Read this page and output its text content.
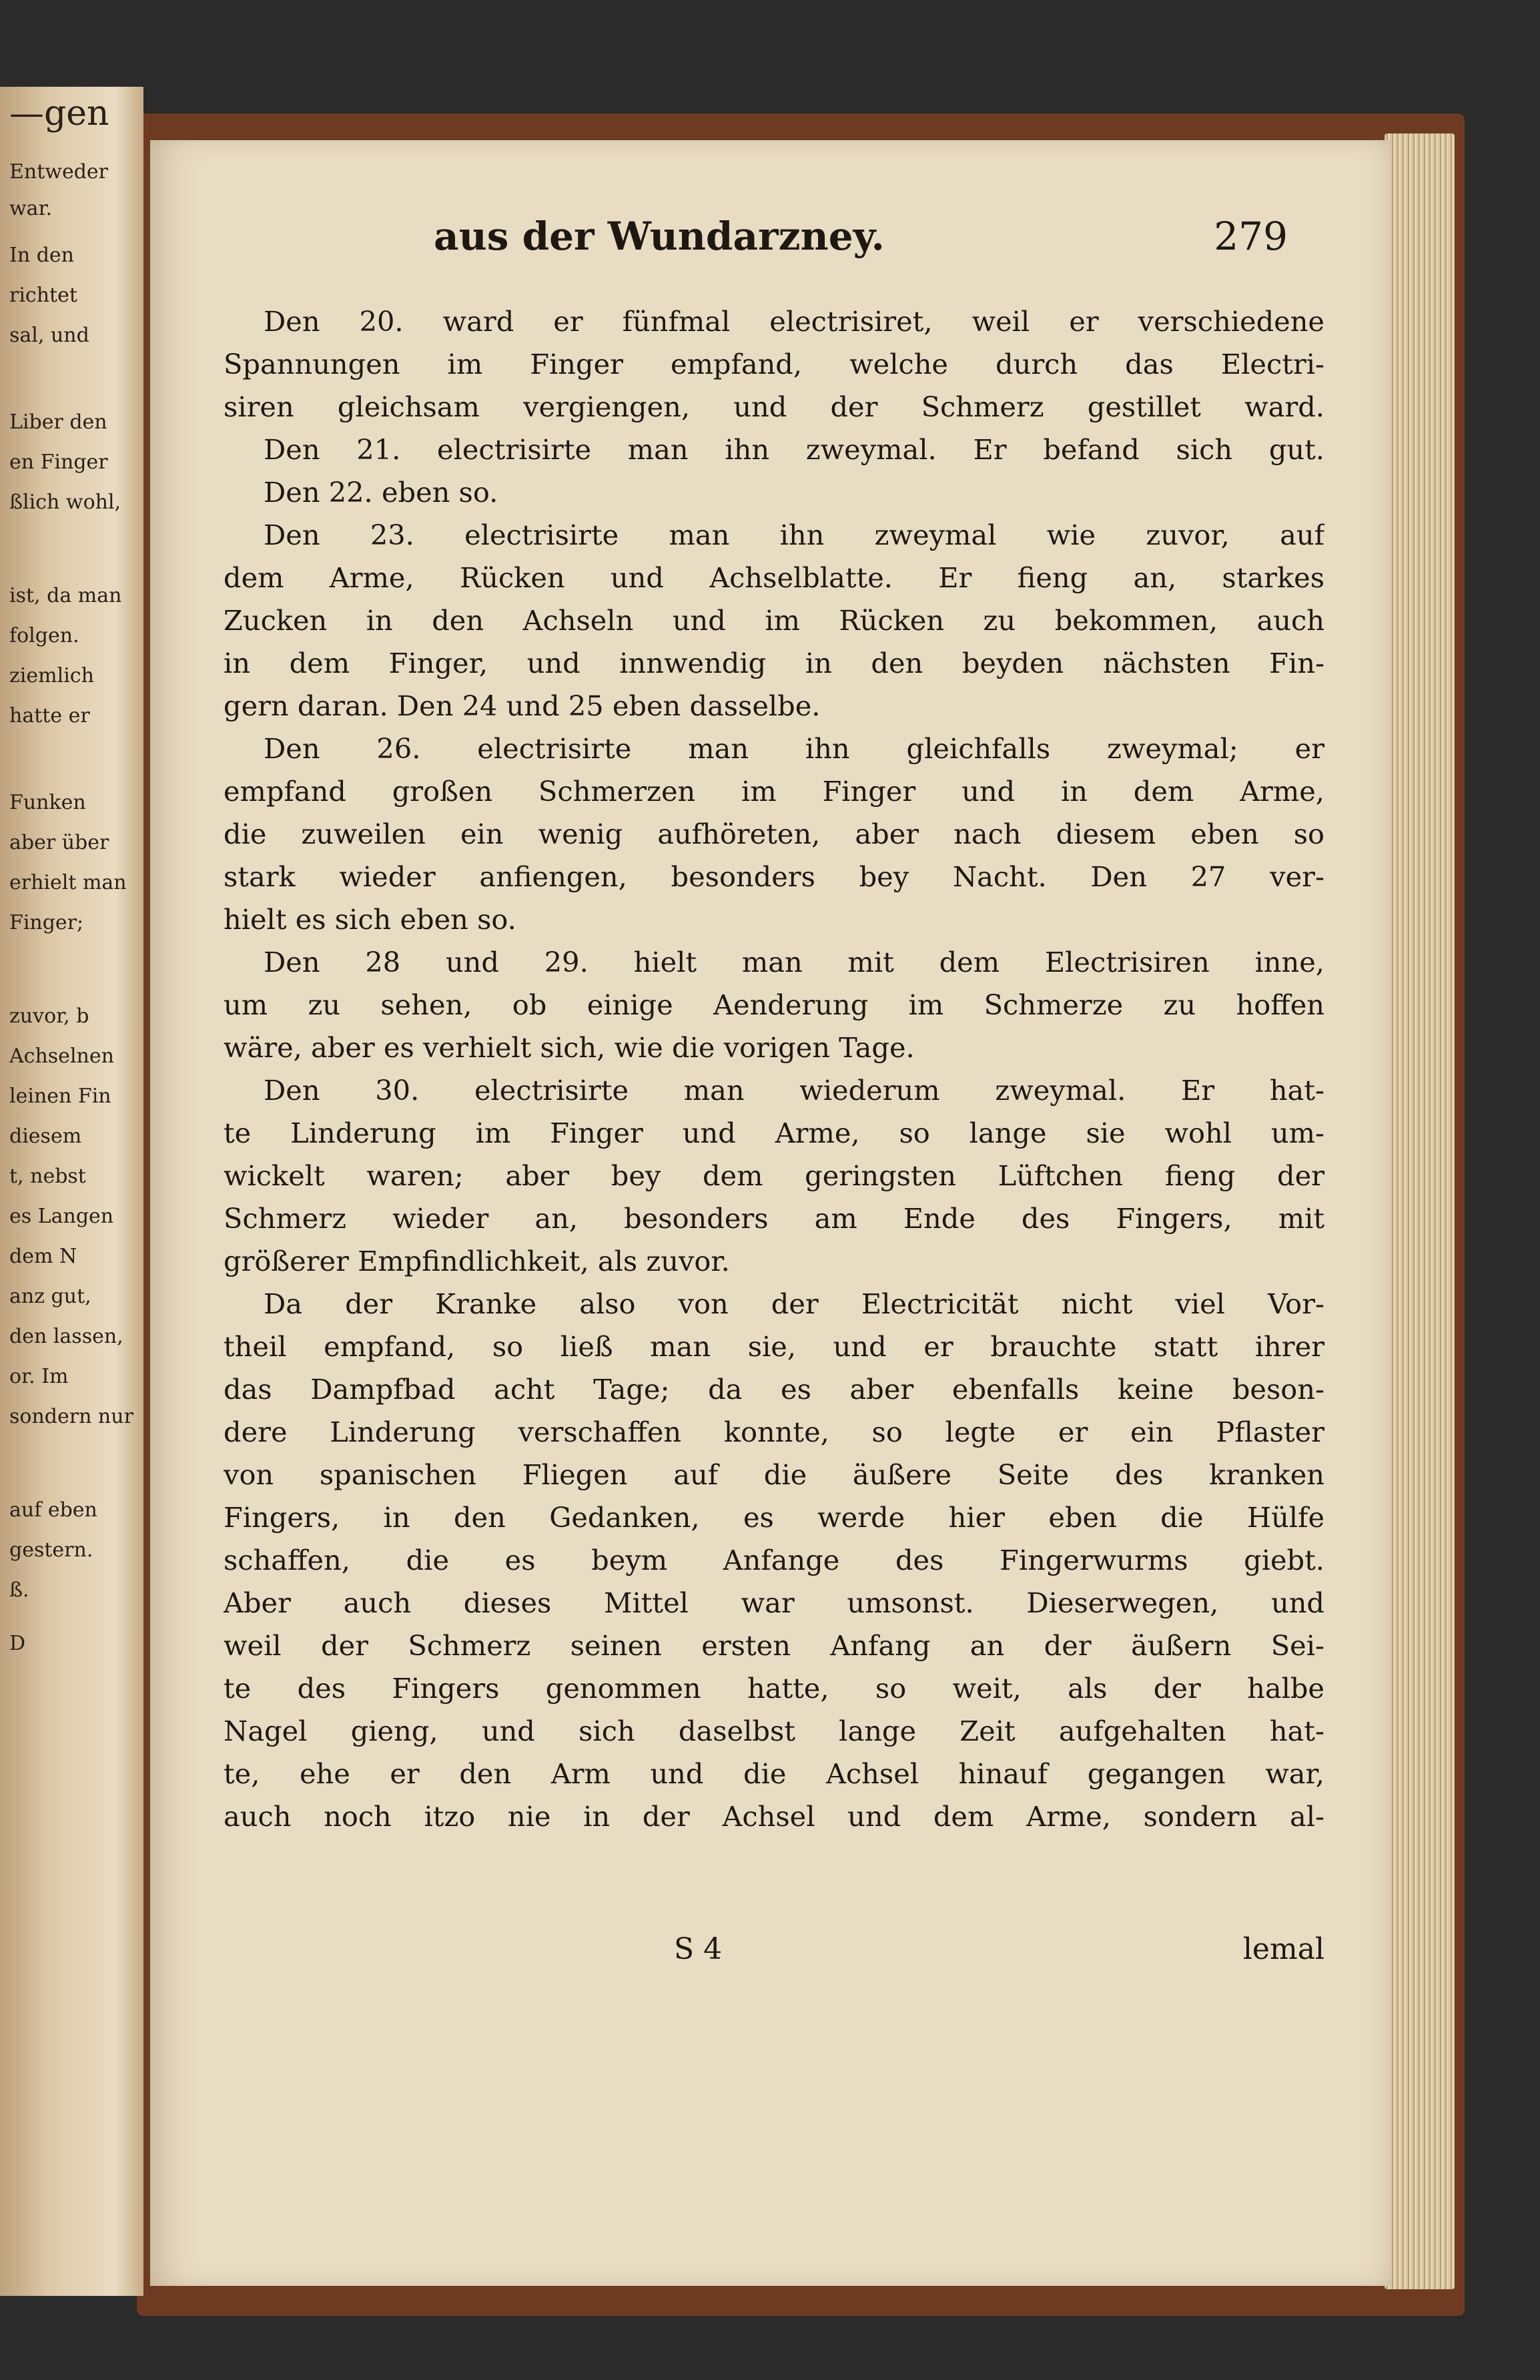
—gen
Entweder
war.
In den
richtet
sal, und
Liber den
en Finger
ßlich wohl,
ist, da man
folgen.
ziemlich
hatte er
Funken
aber über
erhielt man
Finger;
zuvor, b
Achselnen
leinen Fin
diesem
t, nebst
es Langen
dem N
anz gut,
den lassen,
or. Im
sondern nur
auf eben
gestern.
ß.
D
aus der Wundarzney.	279
Den 20. ward er fünfmal electrisiret, weil er verschiedene
Spannungen im Finger empfand, welche durch das Electri-
siren gleichsam vergiengen, und der Schmerz gestillet ward.
Den 21. electrisirte man ihn zweymal. Er befand sich gut.
Den 22. eben so.
Den 23. electrisirte man ihn zweymal wie zuvor, auf
dem Arme, Rücken und Achselblatte. Er fieng an, starkes
Zucken in den Achseln und im Rücken zu bekommen, auch
in dem Finger, und innwendig in den beyden nächsten Fin-
gern daran. Den 24 und 25 eben dasselbe.
Den 26. electrisirte man ihn gleichfalls zweymal; er
empfand großen Schmerzen im Finger und in dem Arme,
die zuweilen ein wenig aufhöreten, aber nach diesem eben so
stark wieder anfiengen, besonders bey Nacht. Den 27 ver-
hielt es sich eben so.
Den 28 und 29. hielt man mit dem Electrisiren inne,
um zu sehen, ob einige Aenderung im Schmerze zu hoffen
wäre, aber es verhielt sich, wie die vorigen Tage.
Den 30. electrisirte man wiederum zweymal. Er hat-
te Linderung im Finger und Arme, so lange sie wohl um-
wickelt waren; aber bey dem geringsten Lüftchen fieng der
Schmerz wieder an, besonders am Ende des Fingers, mit
größerer Empfindlichkeit, als zuvor.
Da der Kranke also von der Electricität nicht viel Vor-
theil empfand, so ließ man sie, und er brauchte statt ihrer
das Dampfbad acht Tage; da es aber ebenfalls keine beson-
dere Linderung verschaffen konnte, so legte er ein Pflaster
von spanischen Fliegen auf die äußere Seite des kranken
Fingers, in den Gedanken, es werde hier eben die Hülfe
schaffen, die es beym Anfange des Fingerwurms giebt.
Aber auch dieses Mittel war umsonst. Dieserwegen, und
weil der Schmerz seinen ersten Anfang an der äußern Sei-
te des Fingers genommen hatte, so weit, als der halbe
Nagel gieng, und sich daselbst lange Zeit aufgehalten hat-
te, ehe er den Arm und die Achsel hinauf gegangen war,
auch noch itzo nie in der Achsel und dem Arme, sondern al-
S 4	lemal
